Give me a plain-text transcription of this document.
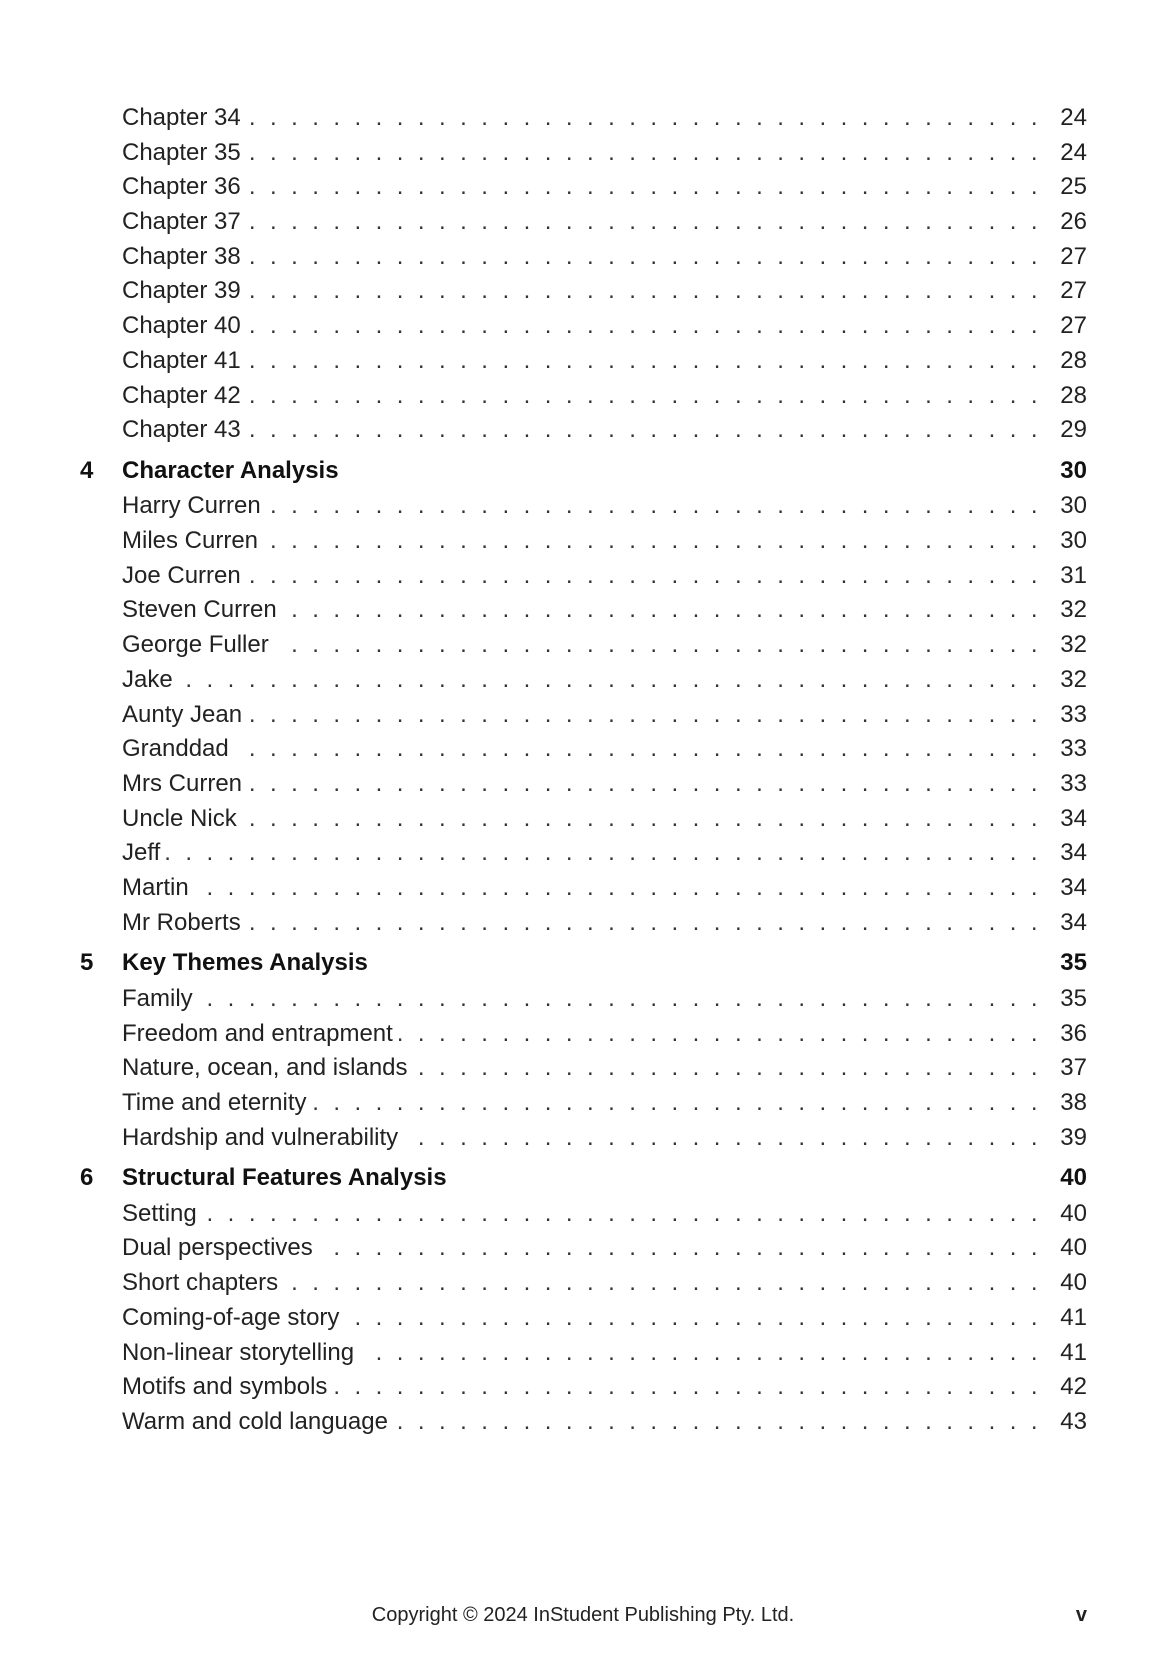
Chapter 34 . . .	24
Chapter 35 . . .	24
Chapter 36 . . .	25
Chapter 37 . . .	26
Chapter 38 . . .	27
Chapter 39 . . .	27
Chapter 40 . . .	27
Chapter 41 . . .	28
Chapter 42 . . .	28
Chapter 43 . . .	29
4 Character Analysis	30
Harry Curren . . .	30
Miles Curren . . .	30
Joe Curren . . .	31
Steven Curren . . .	32
George Fuller . . .	32
Jake . . .	32
Aunty Jean . . .	33
Granddad . . .	33
Mrs Curren . . .	33
Uncle Nick . . .	34
Jeff . . .	34
Martin . . .	34
Mr Roberts . . .	34
5 Key Themes Analysis	35
Family . . .	35
Freedom and entrapment . . .	36
Nature, ocean, and islands . . .	37
Time and eternity . . .	38
Hardship and vulnerability . . .	39
6 Structural Features Analysis	40
Setting . . .	40
Dual perspectives . . .	40
Short chapters . . .	40
Coming-of-age story . . .	41
Non-linear storytelling . . .	41
Motifs and symbols . . .	42
Warm and cold language . . .	43
Copyright © 2024 InStudent Publishing Pty. Ltd.	v
